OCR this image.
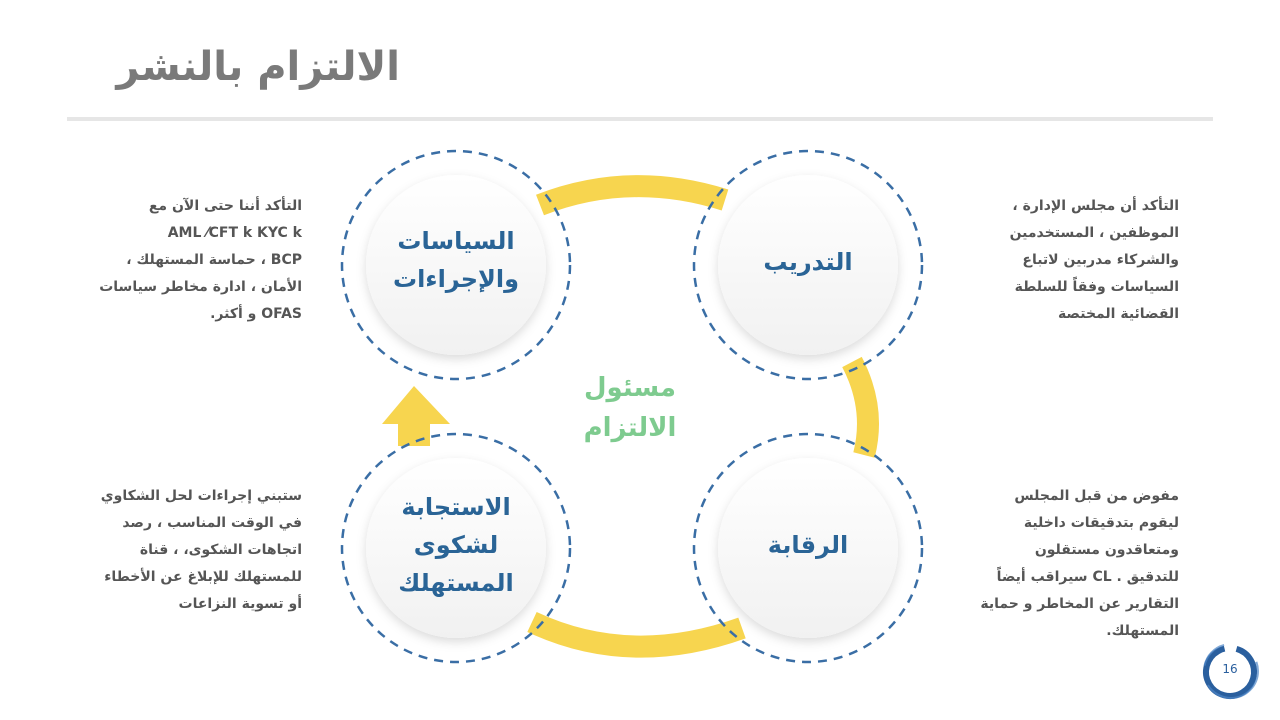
الالتزام بالنشر
السياسات
والإجراءات
التدريب
الاستجابة
لشكوى
المستهلك
الرقابة
مسئول
الالتزام
التأكد أننا حتى الآن مع
AML ⁄CFT k KYC k
BCP ، حماسة المستهلك ،
الأمان ، ادارة مخاطر سياسات
OFAS و أكثر.
التأكد أن مجلس الإدارة ،
الموظفين ، المستخدمين
والشركاء مدربين لاتباع
السياسات وفقاً للسلطة
القضائية المختصة
ستبني إجراءات لحل الشكاوي
في الوقت المناسب ، رصد
اتجاهات الشكوى، ، قناة
للمستهلك للإبلاغ عن الأخطاء
أو تسوية النزاعات
مفوض من قبل المجلس
ليقوم بتدقيقات داخلية
ومتعاقدون مستقلون
للتدقيق . CL سيراقب أيضاً
التقارير عن المخاطر و حماية
المستهلك.
16
